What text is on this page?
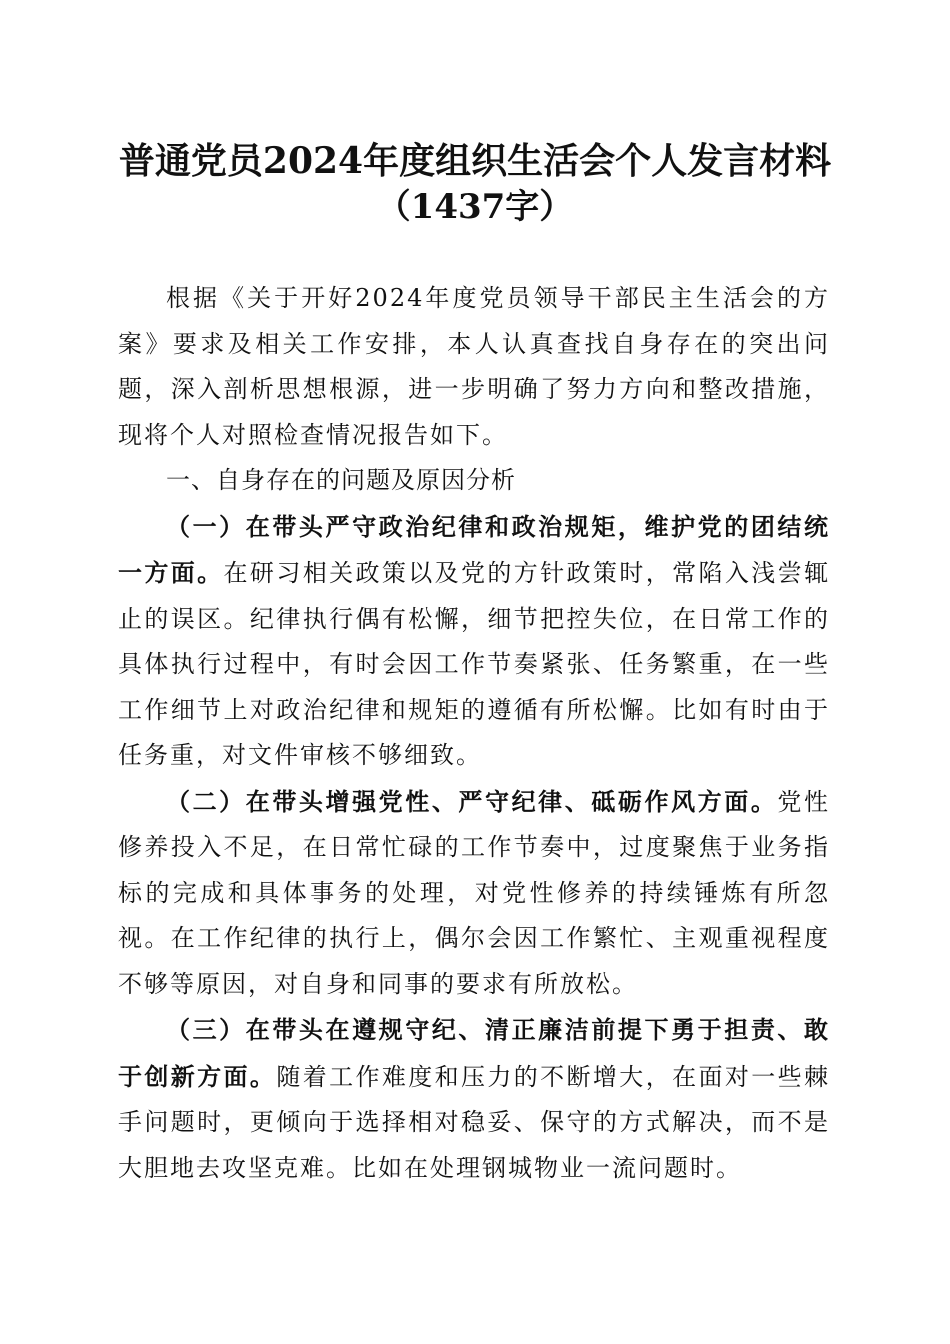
普通党员2024年度组织生活会个人发言材料
（1437字）

根据《关于开好2024年度党员领导干部民主生活会的方案》要求及相关工作安排，本人认真查找自身存在的突出问题，深入剖析思想根源，进一步明确了努力方向和整改措施，现将个人对照检查情况报告如下。

一、自身存在的问题及原因分析

（一）在带头严守政治纪律和政治规矩，维护党的团结统一方面。在研习相关政策以及党的方针政策时，常陷入浅尝辄止的误区。纪律执行偶有松懈，细节把控失位，在日常工作的具体执行过程中，有时会因工作节奏紧张、任务繁重，在一些工作细节上对政治纪律和规矩的遵循有所松懈。比如有时由于任务重，对文件审核不够细致。

（二）在带头增强党性、严守纪律、砥砺作风方面。党性修养投入不足，在日常忙碌的工作节奏中，过度聚焦于业务指标的完成和具体事务的处理，对党性修养的持续锤炼有所忽视。在工作纪律的执行上，偶尔会因工作繁忙、主观重视程度不够等原因，对自身和同事的要求有所放松。

（三）在带头在遵规守纪、清正廉洁前提下勇于担责、敢于创新方面。随着工作难度和压力的不断增大，在面对一些棘手问题时，更倾向于选择相对稳妥、保守的方式解决，而不是大胆地去攻坚克难。比如在处理钢城物业一流问题时。
